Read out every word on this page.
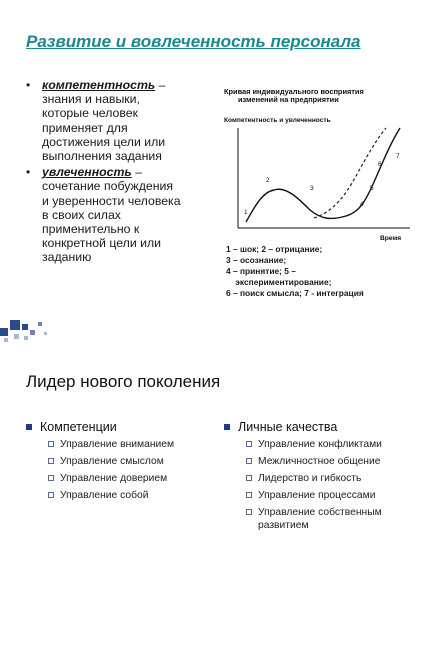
Развитие и вовлеченность персонала
• компетентность –
знания и навыки,
которые человек
применяет для
достижения цели или
выполнения задания
• увлеченность –
сочетание побуждения
и уверенности человека
в своих силах
применительно к
конкретной цели или
заданию
Кривая индивидуального восприятия
изменений на предприятии
Компетентность и увлеченность
1
2
3
4
5
6
7
Время
1 – шок; 2 – отрицание;
3 – осознание;
4 – принятие; 5 –
экспериментирование;
6 – поиск смысла; 7 - интеграция
Лидер нового поколения
Компетенции
Управление вниманием
Управление смыслом
Управление доверием
Управление собой
Личные качества
Управление конфликтами
Межличностное общение
Лидерство и гибкость
Управление процессами
Управление собственным развитием
